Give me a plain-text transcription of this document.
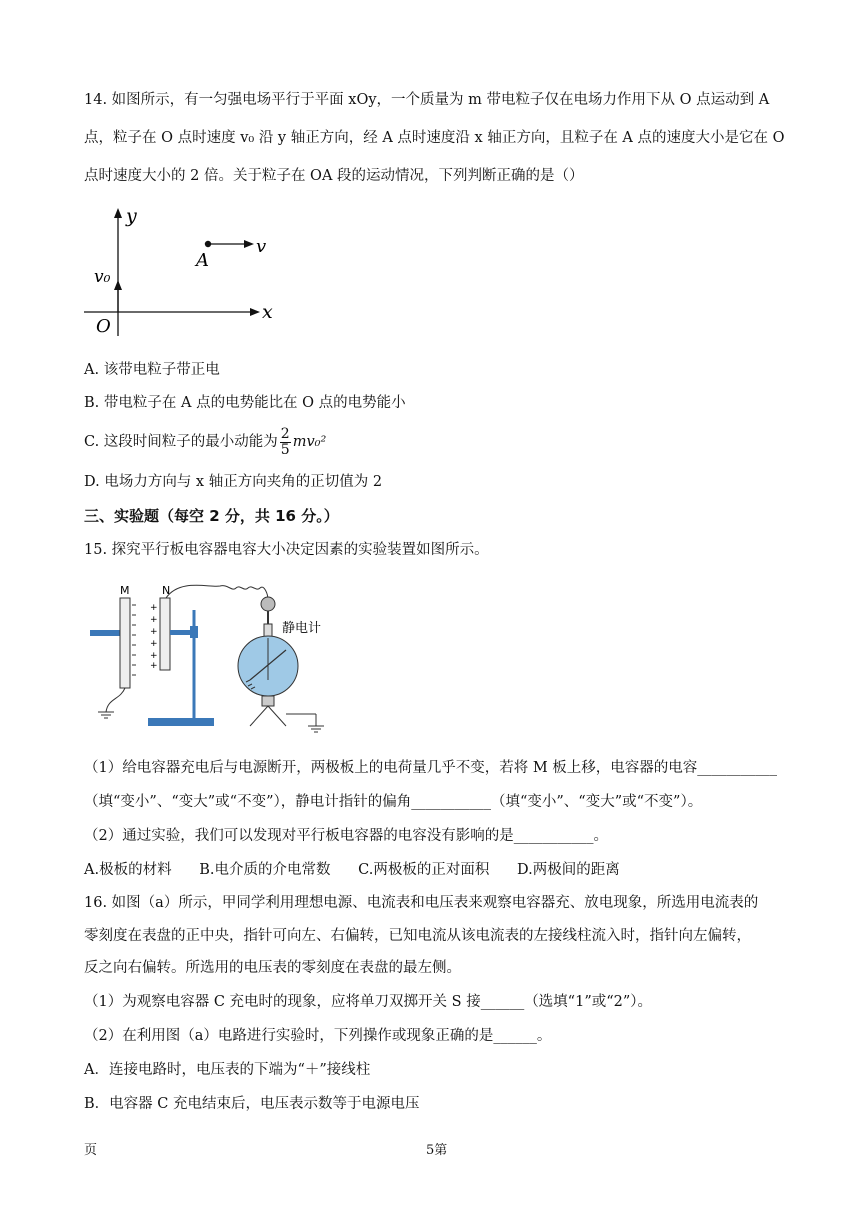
14. 如图所示，有一匀强电场平行于平面 xOy，一个质量为 m 带电粒子仅在电场力作用下从 O 点运动到 A
点，粒子在 O 点时速度 v₀ 沿 y 轴正方向，经 A 点时速度沿 x 轴正方向，且粒子在 A 点的速度大小是它在 O
点时速度大小的 2 倍。关于粒子在 OA 段的运动情况，下列判断正确的是（）
y
x
O
A
v
v₀
A. 该带电粒子带正电
B. 带电粒子在 A 点的电势能比在 O 点的电势能小
C. 这段时间粒子的最小动能为 $\frac{2}{5} mv_0^2$
D. 电场力方向与 x 轴正方向夹角的正切值为 2
三、实验题（每空 2 分，共 16 分。）
15. 探究平行板电容器电容大小决定因素的实验装置如图所示。
M
+
+
+
+
+
+
N
静电计
（1）给电容器充电后与电源断开，两极板上的电荷量几乎不变，若将 M 板上移，电容器的电容___________
（填“变小”、“变大”或“不变”），静电计指针的偏角___________（填“变小”、“变大”或“不变”）。
（2）通过实验，我们可以发现对平行板电容器的电容没有影响的是___________。
A.极板的材料      B.电介质的介电常数      C.两极板的正对面积      D.两极间的距离
16. 如图（a）所示，甲同学利用理想电源、电流表和电压表来观察电容器充、放电现象，所选用电流表的
零刻度在表盘的正中央，指针可向左、右偏转，已知电流从该电流表的左接线柱流入时，指针向左偏转，
反之向右偏转。所选用的电压表的零刻度在表盘的最左侧。
（1）为观察电容器 C 充电时的现象，应将单刀双掷开关 S 接______（选填“1”或“2”）。
（2）在利用图（a）电路进行实验时，下列操作或现象正确的是______。
A．连接电路时，电压表的下端为“＋”接线柱
B．电容器 C 充电结束后，电压表示数等于电源电压
页	5第
